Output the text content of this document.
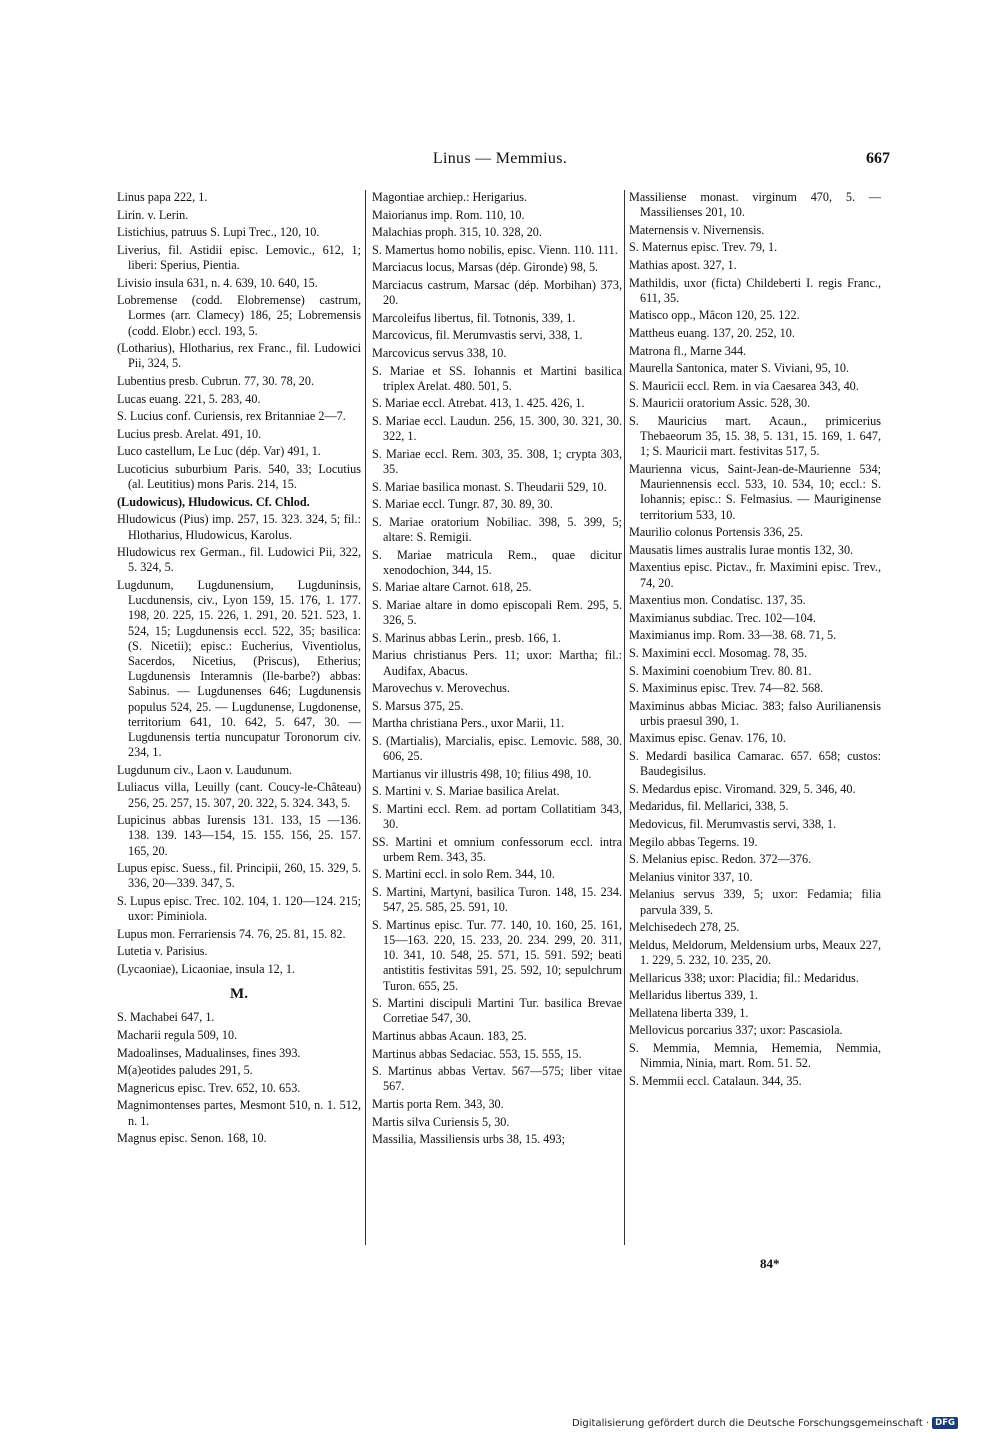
Linus — Memmius.	667
Linus papa 222, 1.
Lirin. v. Lerin.
Listichius, patruus S. Lupi Trec., 120, 10.
Liverius, fil. Astidii episc. Lemovic., 612, 1; liberi: Sperius, Pientia.
Livisio insula 631, n. 4. 639, 10. 640, 15.
Lobremense (codd. Elobremense) castrum, Lormes (arr. Clamecy) 186, 25; Lobremensis (codd. Elobr.) eccl. 193, 5.
(Lotharius), Hlotharius, rex Franc., fil. Ludowici Pii, 324, 5.
Lubentius presb. Cubrun. 77, 30. 78, 20.
Lucas euang. 221, 5. 283, 40.
S. Lucius conf. Curiensis, rex Britanniae 2—7.
Lucius presb. Arelat. 491, 10.
Luco castellum, Le Luc (dép. Var) 491, 1.
Lucoticius suburbium Paris. 540, 33; Locutius (al. Leutitius) mons Paris. 214, 15.
(Ludowicus), Hludowicus. Cf. Chlod.
Hludowicus (Pius) imp. 257, 15. 323. 324, 5; fil.: Hlotharius, Hludowicus, Karolus.
Hludowicus rex German., fil. Ludowici Pii, 322, 5. 324, 5.
Lugdunum, Lugdunensium, Lugduninsis, Lucdunensis, civ., Lyon 159, 15. 176, 1. 177. 198, 20. 225, 15. 226, 1. 291, 20. 521. 523, 1. 524, 15; Lugdunensis eccl. 522, 35; basilica: (S. Nicetii); episc.: Eucherius, Viventiolus, Sacerdos, Nicetius, (Priscus), Etherius; Lugdunensis Interamnis (Ile-barbe?) abbas: Sabinus. — Lugdunenses 646; Lugdunensis populus 524, 25. — Lugdunense, Lugdonense, territorium 641, 10. 642, 5. 647, 30. — Lugdunensis tertia nuncupatur Toronorum civ. 234, 1.
Lugdunum civ., Laon v. Laudunum.
Luliacus villa, Leuilly (cant. Coucy-le-Château) 256, 25. 257, 15. 307, 20. 322, 5. 324. 343, 5.
Lupicinus abbas Iurensis 131. 133, 15 —136. 138. 139. 143—154, 15. 155. 156, 25. 157. 165, 20.
Lupus episc. Suess., fil. Principii, 260, 15. 329, 5. 336, 20—339. 347, 5.
S. Lupus episc. Trec. 102. 104, 1. 120—124. 215; uxor: Piminiola.
Lupus mon. Ferrariensis 74. 76, 25. 81, 15. 82.
Lutetia v. Parisius.
(Lycaoniae), Licaoniae, insula 12, 1.
M.
S. Machabei 647, 1.
Macharii regula 509, 10.
Madoalinses, Madualinses, fines 393.
M(a)eotides paludes 291, 5.
Magnericus episc. Trev. 652, 10. 653.
Magnimontenses partes, Mesmont 510, n. 1. 512, n. 1.
Magnus episc. Senon. 168, 10.
Magontiae archiep.: Herigarius.
Maiorianus imp. Rom. 110, 10.
Malachias proph. 315, 10. 328, 20.
S. Mamertus homo nobilis, episc. Vienn. 110. 111.
Marciacus locus, Marsas (dép. Gironde) 98, 5.
Marciacus castrum, Marsac (dép. Morbihan) 373, 20.
Marcoleifus libertus, fil. Totnonis, 339, 1.
Marcovicus, fil. Merumvastis servi, 338, 1.
Marcovicus servus 338, 10.
S. Mariae et SS. Iohannis et Martini basilica triplex Arelat. 480. 501, 5.
S. Mariae eccl. Atrebat. 413, 1. 425. 426, 1.
S. Mariae eccl. Laudun. 256, 15. 300, 30. 321, 30. 322, 1.
S. Mariae eccl. Rem. 303, 35. 308, 1; crypta 303, 35.
S. Mariae basilica monast. S. Theudarii 529, 10.
S. Mariae eccl. Tungr. 87, 30. 89, 30.
S. Mariae oratorium Nobiliac. 398, 5. 399, 5; altare: S. Remigii.
S. Mariae matricula Rem., quae dicitur xenodochion, 344, 15.
S. Mariae altare Carnot. 618, 25.
S. Mariae altare in domo episcopali Rem. 295, 5. 326, 5.
S. Marinus abbas Lerin., presb. 166, 1.
Marius christianus Pers. 11; uxor: Martha; fil.: Audifax, Abacus.
Marovechus v. Merovechus.
S. Marsus 375, 25.
Martha christiana Pers., uxor Marii, 11.
S. (Martialis), Marcialis, episc. Lemovic. 588, 30. 606, 25.
Martianus vir illustris 498, 10; filius 498, 10.
S. Martini v. S. Mariae basilica Arelat.
S. Martini eccl. Rem. ad portam Collatitiam 343, 30.
SS. Martini et omnium confessorum eccl. intra urbem Rem. 343, 35.
S. Martini eccl. in solo Rem. 344, 10.
S. Martini, Martyni, basilica Turon. 148, 15. 234. 547, 25. 585, 25. 591, 10.
S. Martinus episc. Tur. 77. 140, 10. 160, 25. 161, 15—163. 220, 15. 233, 20. 234. 299, 20. 311, 10. 341, 10. 548, 25. 571, 15. 591. 592; beati antistitis festivitas 591, 25. 592, 10; sepulchrum Turon. 655, 25.
S. Martini discipuli Martini Tur. basilica Brevae Corretiae 547, 30.
Martinus abbas Acaun. 183, 25.
Martinus abbas Sedaciac. 553, 15. 555, 15.
S. Martinus abbas Vertav. 567—575; liber vitae 567.
Martis porta Rem. 343, 30.
Martis silva Curiensis 5, 30.
Massilia, Massiliensis urbs 38, 15. 493;
Massiliense monast. virginum 470, 5. — Massilienses 201, 10.
Maternensis v. Nivernensis.
S. Maternus episc. Trev. 79, 1.
Mathias apost. 327, 1.
Mathildis, uxor (ficta) Childeberti I. regis Franc., 611, 35.
Matisco opp., Mâcon 120, 25. 122.
Mattheus euang. 137, 20. 252, 10.
Matrona fl., Marne 344.
Maurella Santonica, mater S. Viviani, 95, 10.
S. Mauricii eccl. Rem. in via Caesarea 343, 40.
S. Mauricii oratorium Assic. 528, 30.
S. Mauricius mart. Acaun., primicerius Thebaeorum 35, 15. 38, 5. 131, 15. 169, 1. 647, 1; S. Mauricii mart. festivitas 517, 5.
Maurienna vicus, Saint-Jean-de-Maurienne 534; Mauriennensis eccl. 533, 10. 534, 10; eccl.: S. Iohannis; episc.: S. Felmasius. — Mauriginense territorium 533, 10.
Maurilio colonus Portensis 336, 25.
Mausatis limes australis Iurae montis 132, 30.
Maxentius episc. Pictav., fr. Maximini episc. Trev., 74, 20.
Maxentius mon. Condatisc. 137, 35.
Maximianus subdiac. Trec. 102—104.
Maximianus imp. Rom. 33—38. 68. 71, 5.
S. Maximini eccl. Mosomag. 78, 35.
S. Maximini coenobium Trev. 80. 81.
S. Maximinus episc. Trev. 74—82. 568.
Maximinus abbas Miciac. 383; falso Aurilianensis urbis praesul 390, 1.
Maximus episc. Genav. 176, 10.
S. Medardi basilica Camarac. 657. 658; custos: Baudegisilus.
S. Medardus episc. Viromand. 329, 5. 346, 40.
Medaridus, fil. Mellarici, 338, 5.
Medovicus, fil. Merumvastis servi, 338, 1.
Megilo abbas Tegerns. 19.
S. Melanius episc. Redon. 372—376.
Melanius vinitor 337, 10.
Melanius servus 339, 5; uxor: Fedamia; filia parvula 339, 5.
Melchisedech 278, 25.
Meldus, Meldorum, Meldensium urbs, Meaux 227, 1. 229, 5. 232, 10. 235, 20.
Mellaricus 338; uxor: Placidia; fil.: Medaridus.
Mellaridus libertus 339, 1.
Mellatena liberta 339, 1.
Mellovicus porcarius 337; uxor: Pascasiola.
S. Memmia, Memnia, Hememia, Nemmia, Nimmia, Ninia, mart. Rom. 51. 52.
S. Memmii eccl. Catalaun. 344, 35.
84*
Digitalisierung gefördert durch die Deutsche Forschungsgemeinschaft · DFG
